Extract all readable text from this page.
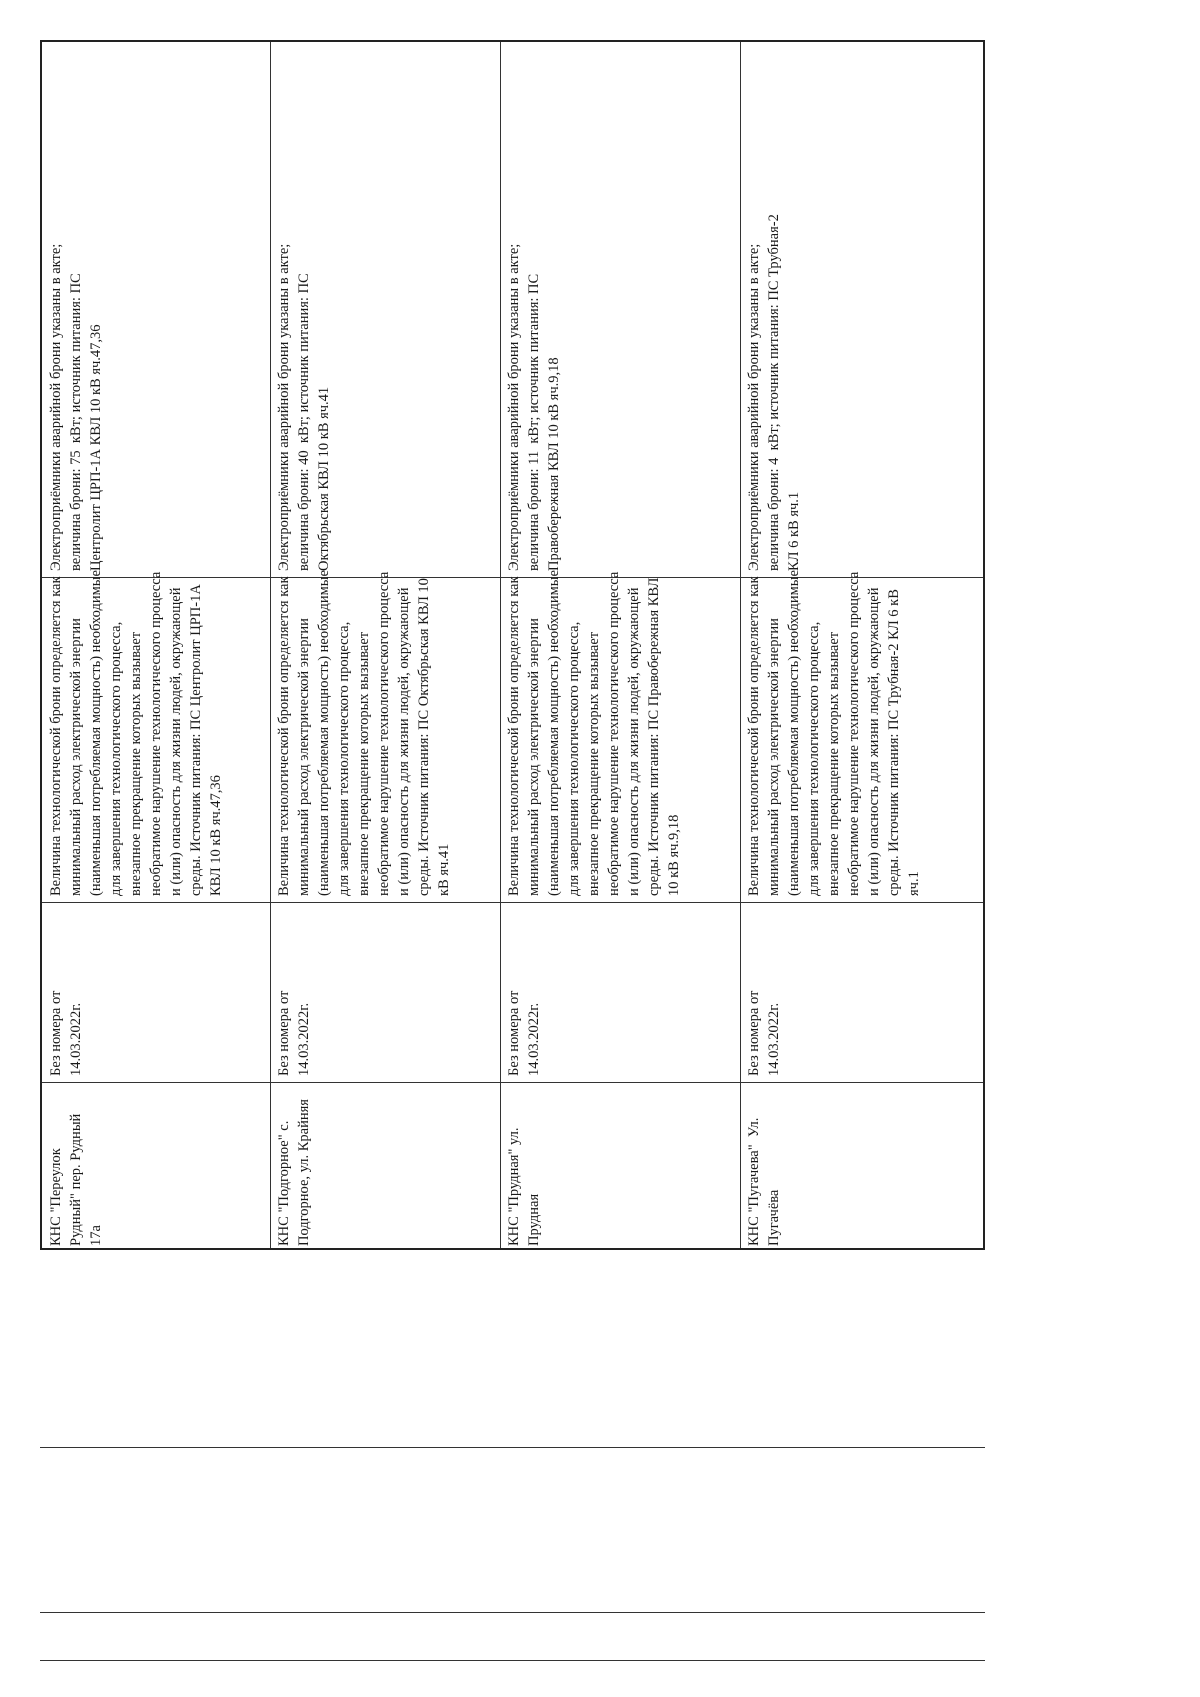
КНС "Переулок
Рудный" пер. Рудный
17а
Без номера от
14.03.2022г.
Величина технологической брони определяется как
минимальный расход электрической энергии
(наименьшая потребляемая мощность) необходимые
для завершения технологического процесса,
внезапное прекращение которых вызывает
необратимое нарушение технологического процесса
и (или) опасность для жизни людей, окружающей
среды. Источник питания: ПС Центролит ЦРП-1А
КВЛ 10 кВ яч.47,36
Электроприёмники аварийной брони указаны в акте;
величина брони: 75  кВт; источник питания: ПС
Центролит ЦРП-1А КВЛ 10 кВ яч.47,36
КНС "Подгорное" с.
Подгорное, ул. Крайняя
Без номера от
14.03.2022г.
Величина технологической брони определяется как
минимальный расход электрической энергии
(наименьшая потребляемая мощность) необходимые
для завершения технологического процесса,
внезапное прекращение которых вызывает
необратимое нарушение технологического процесса
и (или) опасность для жизни людей, окружающей
среды. Источник питания: ПС Октябрьская КВЛ 10
кВ яч.41
Электроприёмники аварийной брони указаны в акте;
величина брони: 40  кВт; источник питания: ПС
Октябрьская КВЛ 10 кВ яч.41
КНС "Прудная" ул.
Прудная
Без номера от
14.03.2022г.
Величина технологической брони определяется как
минимальный расход электрической энергии
(наименьшая потребляемая мощность) необходимые
для завершения технологического процесса,
внезапное прекращение которых вызывает
необратимое нарушение технологического процесса
и (или) опасность для жизни людей, окружающей
среды. Источник питания: ПС Правобережная КВЛ
10 кВ яч.9,18
Электроприёмники аварийной брони указаны в акте;
величина брони: 11  кВт; источник питания: ПС
Правобережная КВЛ 10 кВ яч.9,18
КНС "Пугачева"  Ул.
Пугачёва
Без номера от
14.03.2022г.
Величина технологической брони определяется как
минимальный расход электрической энергии
(наименьшая потребляемая мощность) необходимые
для завершения технологического процесса,
внезапное прекращение которых вызывает
необратимое нарушение технологического процесса
и (или) опасность для жизни людей, окружающей
среды. Источник питания: ПС Трубная-2 КЛ 6 кВ
яч.1
Электроприёмники аварийной брони указаны в акте;
величина брони: 4  кВт; источник питания: ПС Трубная-2
КЛ 6 кВ яч.1
